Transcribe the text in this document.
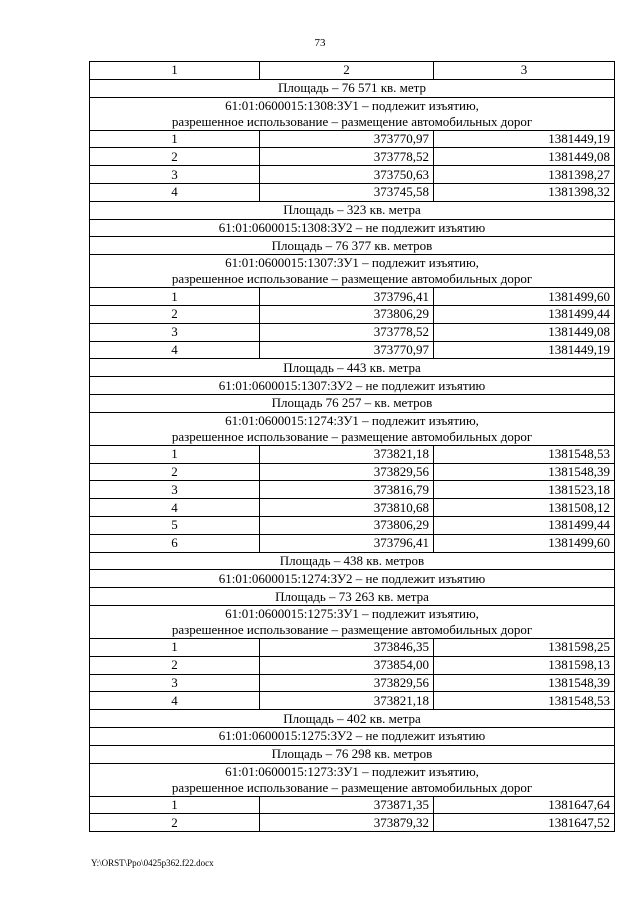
73
1	2	3
Площадь – 76 571 кв. метр		

61:01:0600015:1308:ЗУ1 – подлежит изъятию,
разрешенное использование – размещение автомобильных дорог		

1	373770,97	1381449,19
2	373778,52	1381449,08
3	373750,63	1381398,27
4	373745,58	1381398,32
Площадь – 323 кв. метра		
61:01:0600015:1308:ЗУ2 – не подлежит изъятию		
Площадь – 76 377 кв. метров		

61:01:0600015:1307:ЗУ1 – подлежит изъятию,
разрешенное использование – размещение автомобильных дорог		

1	373796,41	1381499,60
2	373806,29	1381499,44
3	373778,52	1381449,08
4	373770,97	1381449,19
Площадь – 443 кв. метра		
61:01:0600015:1307:ЗУ2 – не подлежит изъятию		
Площадь 76 257 – кв. метров		

61:01:0600015:1274:ЗУ1 – подлежит изъятию,
разрешенное использование – размещение автомобильных дорог		

1	373821,18	1381548,53
2	373829,56	1381548,39
3	373816,79	1381523,18
4	373810,68	1381508,12
5	373806,29	1381499,44
6	373796,41	1381499,60
Площадь – 438 кв. метров		
61:01:0600015:1274:ЗУ2 – не подлежит изъятию		
Площадь – 73 263 кв. метра		

61:01:0600015:1275:ЗУ1 – подлежит изъятию,
разрешенное использование – размещение автомобильных дорог		

1	373846,35	1381598,25
2	373854,00	1381598,13
3	373829,56	1381548,39
4	373821,18	1381548,53
Площадь – 402 кв. метра		
61:01:0600015:1275:ЗУ2 – не подлежит изъятию		
Площадь – 76 298 кв. метров		

61:01:0600015:1273:ЗУ1 – подлежит изъятию,
разрешенное использование – размещение автомобильных дорог		

1	373871,35	1381647,64
2	373879,32	1381647,52
Y:\ORST\Ppo\0425p362.f22.docx
